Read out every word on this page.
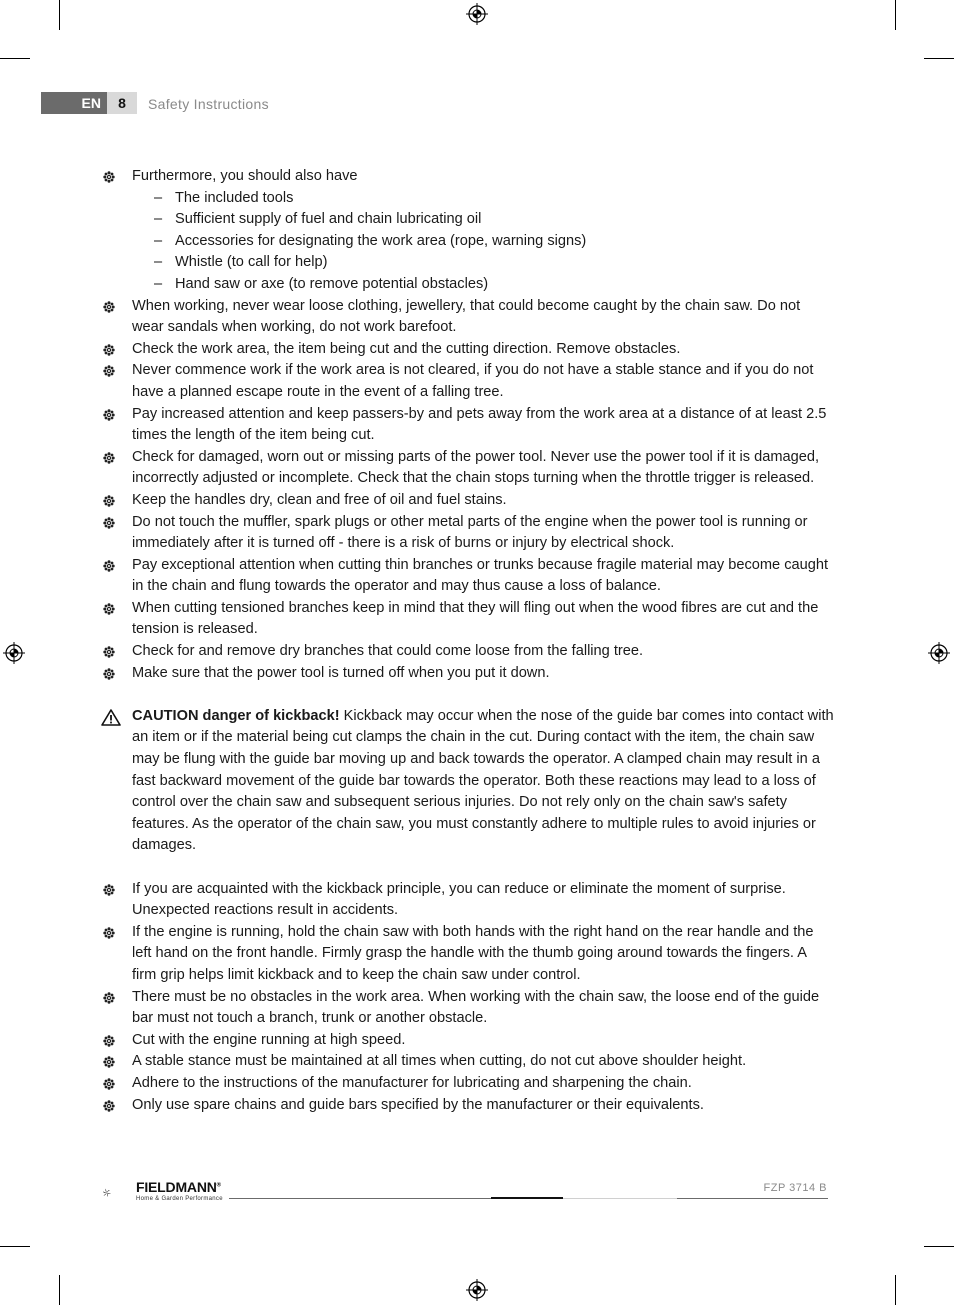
EN	8	Safety Instructions
Furthermore, you should also have
– The included tools
– Sufficient supply of fuel and chain lubricating oil
– Accessories for designating the work area (rope, warning signs)
– Whistle (to call for help)
– Hand saw or axe (to remove potential obstacles)
When working, never wear loose clothing, jewellery, that could become caught by the chain saw. Do not wear sandals when working, do not work barefoot.
Check the work area, the item being cut and the cutting direction. Remove obstacles.
Never commence work if the work area is not cleared, if you do not have a stable stance and if you do not have a planned escape route in the event of a falling tree.
Pay increased attention and keep passers-by and pets away from the work area at a distance of at least 2.5 times the length of the item being cut.
Check for damaged, worn out or missing parts of the power tool. Never use the power tool if it is damaged, incorrectly adjusted or incomplete. Check that the chain stops turning when the throttle trigger is released.
Keep the handles dry, clean and free of oil and fuel stains.
Do not touch the muffler, spark plugs or other metal parts of the engine when the power tool is running or immediately after it is turned off - there is a risk of burns or injury by electrical shock.
Pay exceptional attention when cutting thin branches or trunks because fragile material may become caught in the chain and flung towards the operator and may thus cause a loss of balance.
When cutting tensioned branches keep in mind that they will fling out when the wood fibres are cut and the tension is released.
Check for and remove dry branches that could come loose from the falling tree.
Make sure that the power tool is turned off when you put it down.
CAUTION danger of kickback! Kickback may occur when the nose of the guide bar comes into contact with an item or if the material being cut clamps the chain in the cut. During contact with the item, the chain saw may be flung with the guide bar moving up and back towards the operator. A clamped chain may result in a fast backward movement of the guide bar towards the operator. Both these reactions may lead to a loss of control over the chain saw and subsequent serious injuries. Do not rely only on the chain saw's safety features. As the operator of the chain saw, you must constantly adhere to multiple rules to avoid injuries or damages.
If you are acquainted with the kickback principle, you can reduce or eliminate the moment of surprise. Unexpected reactions result in accidents.
If the engine is running, hold the chain saw with both hands with the right hand on the rear handle and the left hand on the front handle. Firmly grasp the handle with the thumb going around towards the fingers. A firm grip helps limit kickback and to keep the chain saw under control.
There must be no obstacles in the work area. When working with the chain saw, the loose end of the guide bar must not touch a branch, trunk or another obstacle.
Cut with the engine running at high speed.
A stable stance must be maintained at all times when cutting, do not cut above shoulder height.
Adhere to the instructions of the manufacturer for lubricating and sharpening the chain.
Only use spare chains and guide bars specified by the manufacturer or their equivalents.
FIELDMANN®
Home & Garden Performance
FZP 3714 B
